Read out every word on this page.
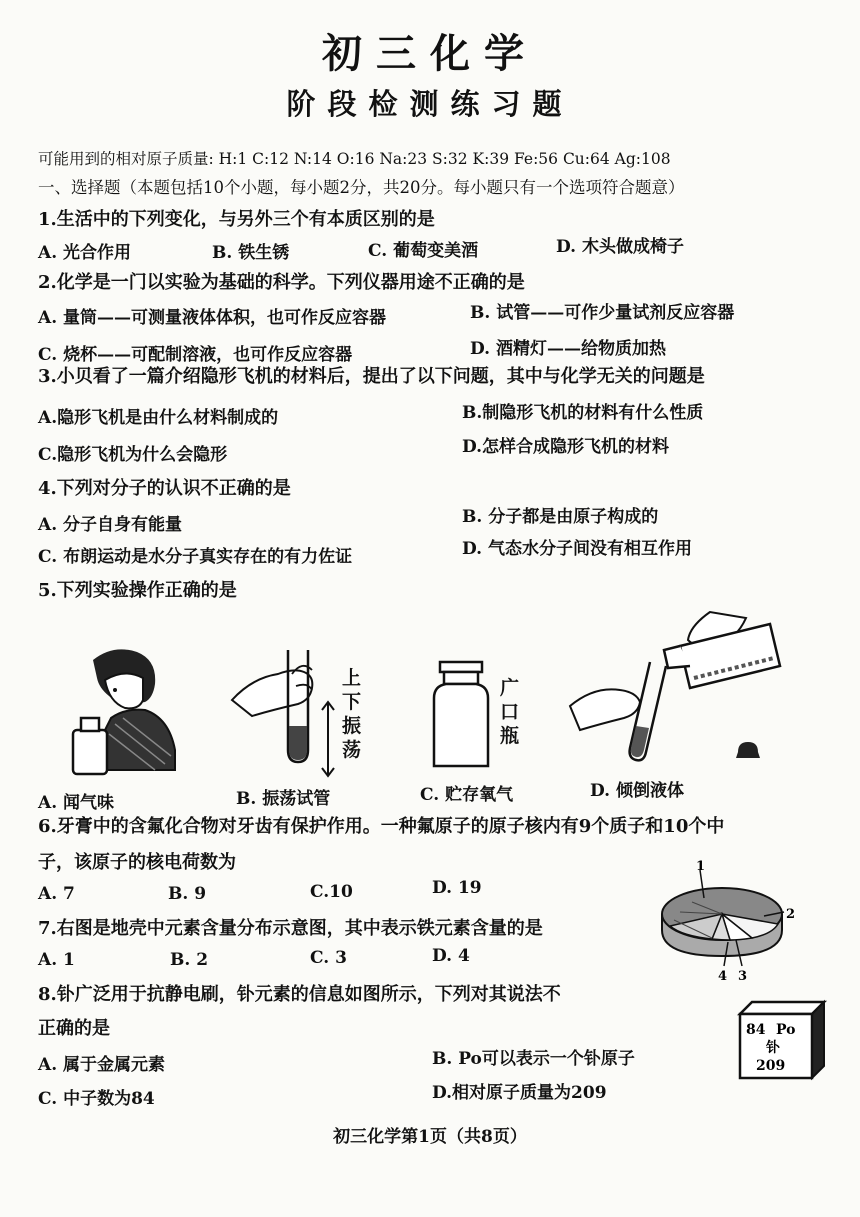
初三化学
阶段检测练习题
可能用到的相对原子质量: H:1 C:12 N:14 O:16 Na:23 S:32 K:39 Fe:56 Cu:64 Ag:108
一、选择题（本题包括10个小题，每小题2分，共20分。每小题只有一个选项符合题意）
1.生活中的下列变化，与另外三个有本质区别的是
A. 光合作用	B. 铁生锈	C. 葡萄变美酒	D. 木头做成椅子
2.化学是一门以实验为基础的科学。下列仪器用途不正确的是
A. 量筒——可测量液体体积，也可作反应容器	B. 试管——可作少量试剂反应容器
C. 烧杯——可配制溶液，也可作反应容器	D. 酒精灯——给物质加热
3.小贝看了一篇介绍隐形飞机的材料后，提出了以下问题，其中与化学无关的问题是
A.隐形飞机是由什么材料制成的	B.制隐形飞机的材料有什么性质
C.隐形飞机为什么会隐形	D.怎样合成隐形飞机的材料
4.下列对分子的认识不正确的是
A. 分子自身有能量	B. 分子都是由原子构成的
C. 布朗运动是水分子真实存在的有力佐证	D. 气态水分子间没有相互作用
5.下列实验操作正确的是
上
下
振
荡
广
口
瓶
A. 闻气味	B. 振荡试管	C. 贮存氧气	D. 倾倒液体
6.牙膏中的含氟化合物对牙齿有保护作用。一种氟原子的原子核内有9个质子和10个中
子，该原子的核电荷数为
A. 7	B. 9	C.10	D. 19
7.右图是地壳中元素含量分布示意图，其中表示铁元素含量的是
A. 1	B. 2	C. 3	D. 4
1
2
3
4
8.钋广泛用于抗静电刷，钋元素的信息如图所示，下列对其说法不
正确的是
A. 属于金属元素	B. Po可以表示一个钋原子
C. 中子数为84	D.相对原子质量为209
84 Po
钋
209
初三化学第1页（共8页）
